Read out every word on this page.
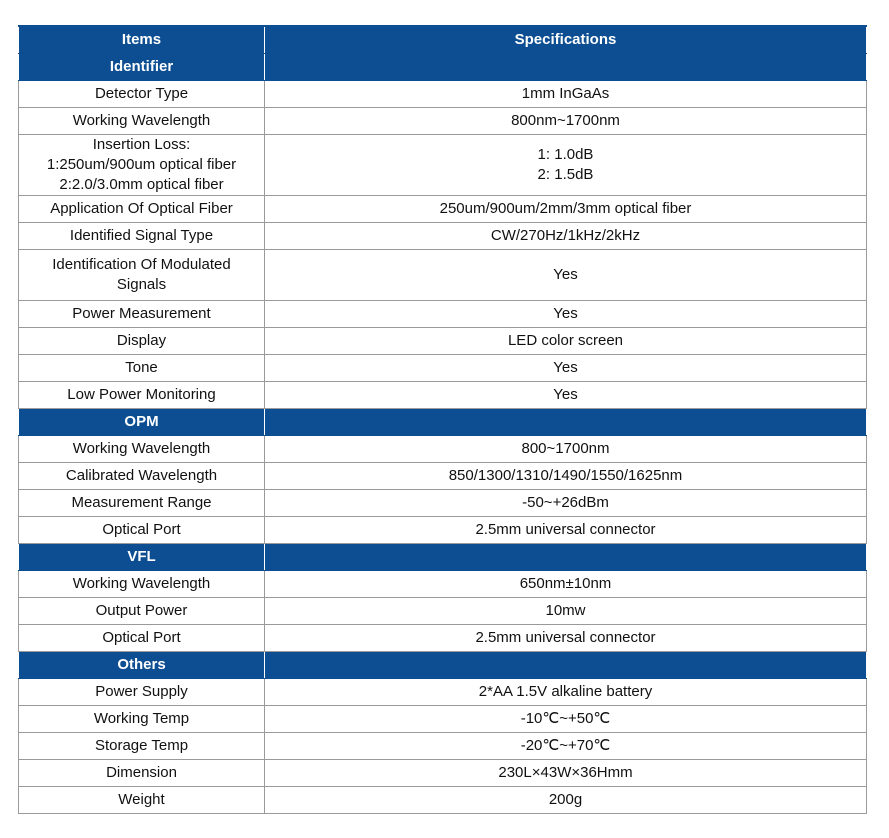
Items	Specifications
Identifier	

Detector Type	1mm InGaAs

Working Wavelength	800nm~1700nm

Insertion Loss:
1:250um/900um optical fiber
2:2.0/3.0mm optical fiber	1: 1.0dB
2: 1.5dB

Application Of Optical Fiber	250um/900um/2mm/3mm optical fiber

Identified Signal Type	CW/270Hz/1kHz/2kHz

Identification Of Modulated
Signals	Yes

Power Measurement	Yes

Display	LED color screen

Tone	Yes

Low Power Monitoring	Yes

OPM	

Working Wavelength	800~1700nm

Calibrated Wavelength	850/1300/1310/1490/1550/1625nm

Measurement Range	-50~+26dBm

Optical Port	2.5mm universal connector

VFL	

Working Wavelength	650nm±10nm

Output Power	10mw

Optical Port	2.5mm universal connector

Others	

Power Supply	2*AA 1.5V alkaline battery

Working Temp	-10℃~+50℃

Storage Temp	-20℃~+70℃

Dimension	230L×43W×36Hmm

Weight	200g
